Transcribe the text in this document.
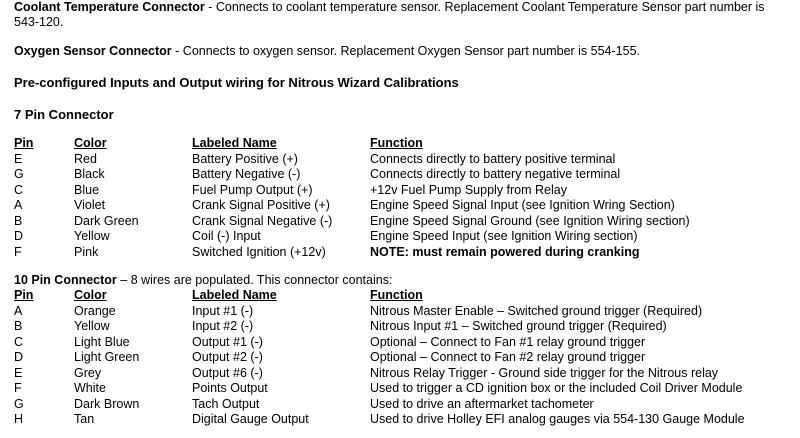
Coolant Temperature Connector - Connects to coolant temperature sensor. Replacement Coolant Temperature Sensor part number is 543-120.
Oxygen Sensor Connector - Connects to oxygen sensor. Replacement Oxygen Sensor part number is 554-155.
Pre-configured Inputs and Output wiring for Nitrous Wizard Calibrations
7 Pin Connector
Pin	Color	Labeled Name	Function
E	Red	Battery Positive (+)	Connects directly to battery positive terminal
G	Black	Battery Negative (-)	Connects directly to battery negative terminal
C	Blue	Fuel Pump Output (+)	+12v Fuel Pump Supply from Relay
A	Violet	Crank Signal Positive (+)	Engine Speed Signal Input (see Ignition Wring Section)
B	Dark Green	Crank Signal Negative (-)	Engine Speed Signal Ground (see Ignition Wiring section)
D	Yellow	Coil (-) Input	Engine Speed Input (see Ignition Wiring section)
F	Pink	Switched Ignition (+12v)	NOTE: must remain powered during cranking
10 Pin Connector – 8 wires are populated. This connector contains:
Pin	Color	Labeled Name	Function
A	Orange	Input #1 (-)	Nitrous Master Enable – Switched ground trigger (Required)
B	Yellow	Input #2 (-)	Nitrous Input #1 – Switched ground trigger (Required)
C	Light Blue	Output #1 (-)	Optional – Connect to Fan #1 relay ground trigger
D	Light Green	Output #2 (-)	Optional – Connect to Fan #2 relay ground trigger
E	Grey	Output #6 (-)	Nitrous Relay Trigger - Ground side trigger for the Nitrous relay
F	White	Points Output	Used to trigger a CD ignition box or the included Coil Driver Module
G	Dark Brown	Tach Output	Used to drive an aftermarket tachometer
H	Tan	Digital Gauge Output	Used to drive Holley EFI analog gauges via 554-130 Gauge Module
